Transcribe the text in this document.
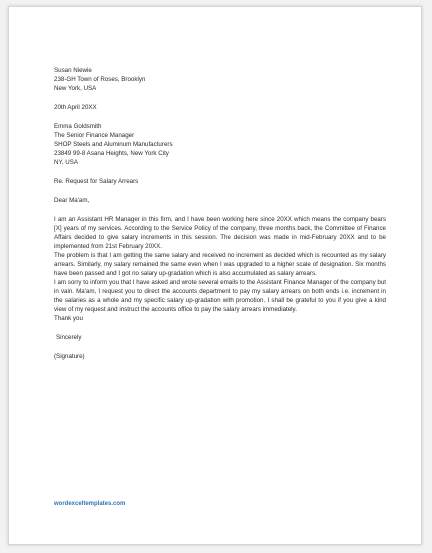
Susan Niewie

238-GH Town of Roses, Brooklyn

New York, USA

20th April 20XX

Emma Goldsmith

The Senior Finance Manager

SHOP Steels and Aluminum Manufacturers

23849 99-8 Asana Heights, New York City

NY, USA

Re. Request for Salary Arrears

Dear Ma'am,

I am an Assistant HR Manager in this firm, and I have been working here since 20XX which means the company bears [X] years of my services. According to the Service Policy of the company, three months back, the Committee of Finance Affairs decided to give salary increments in this session. The decision was made in mid-February 20XX and to be implemented from 21st February 20XX.

The problem is that I am getting the same salary and received no increment as decided which is recounted as my salary arrears. Similarly, my salary remained the same even when I was upgraded to a higher scale of designation. Six months have been passed and I got no salary up-gradation which is also accumulated as salary arrears.

I am sorry to inform you that I have asked and wrote several emails to the Assistant Finance Manager of the company but in vain. Ma'am, I request you to direct the accounts department to pay my salary arrears on both ends i.e. increment in the salaries as a whole and my specific salary up-gradation with promotion. I shall be grateful to you if you give a kind view of my request and instruct the accounts office to pay the salary arrears immediately.

Thank you

Sincerely

(Signature)

wordexceltemplates.com
